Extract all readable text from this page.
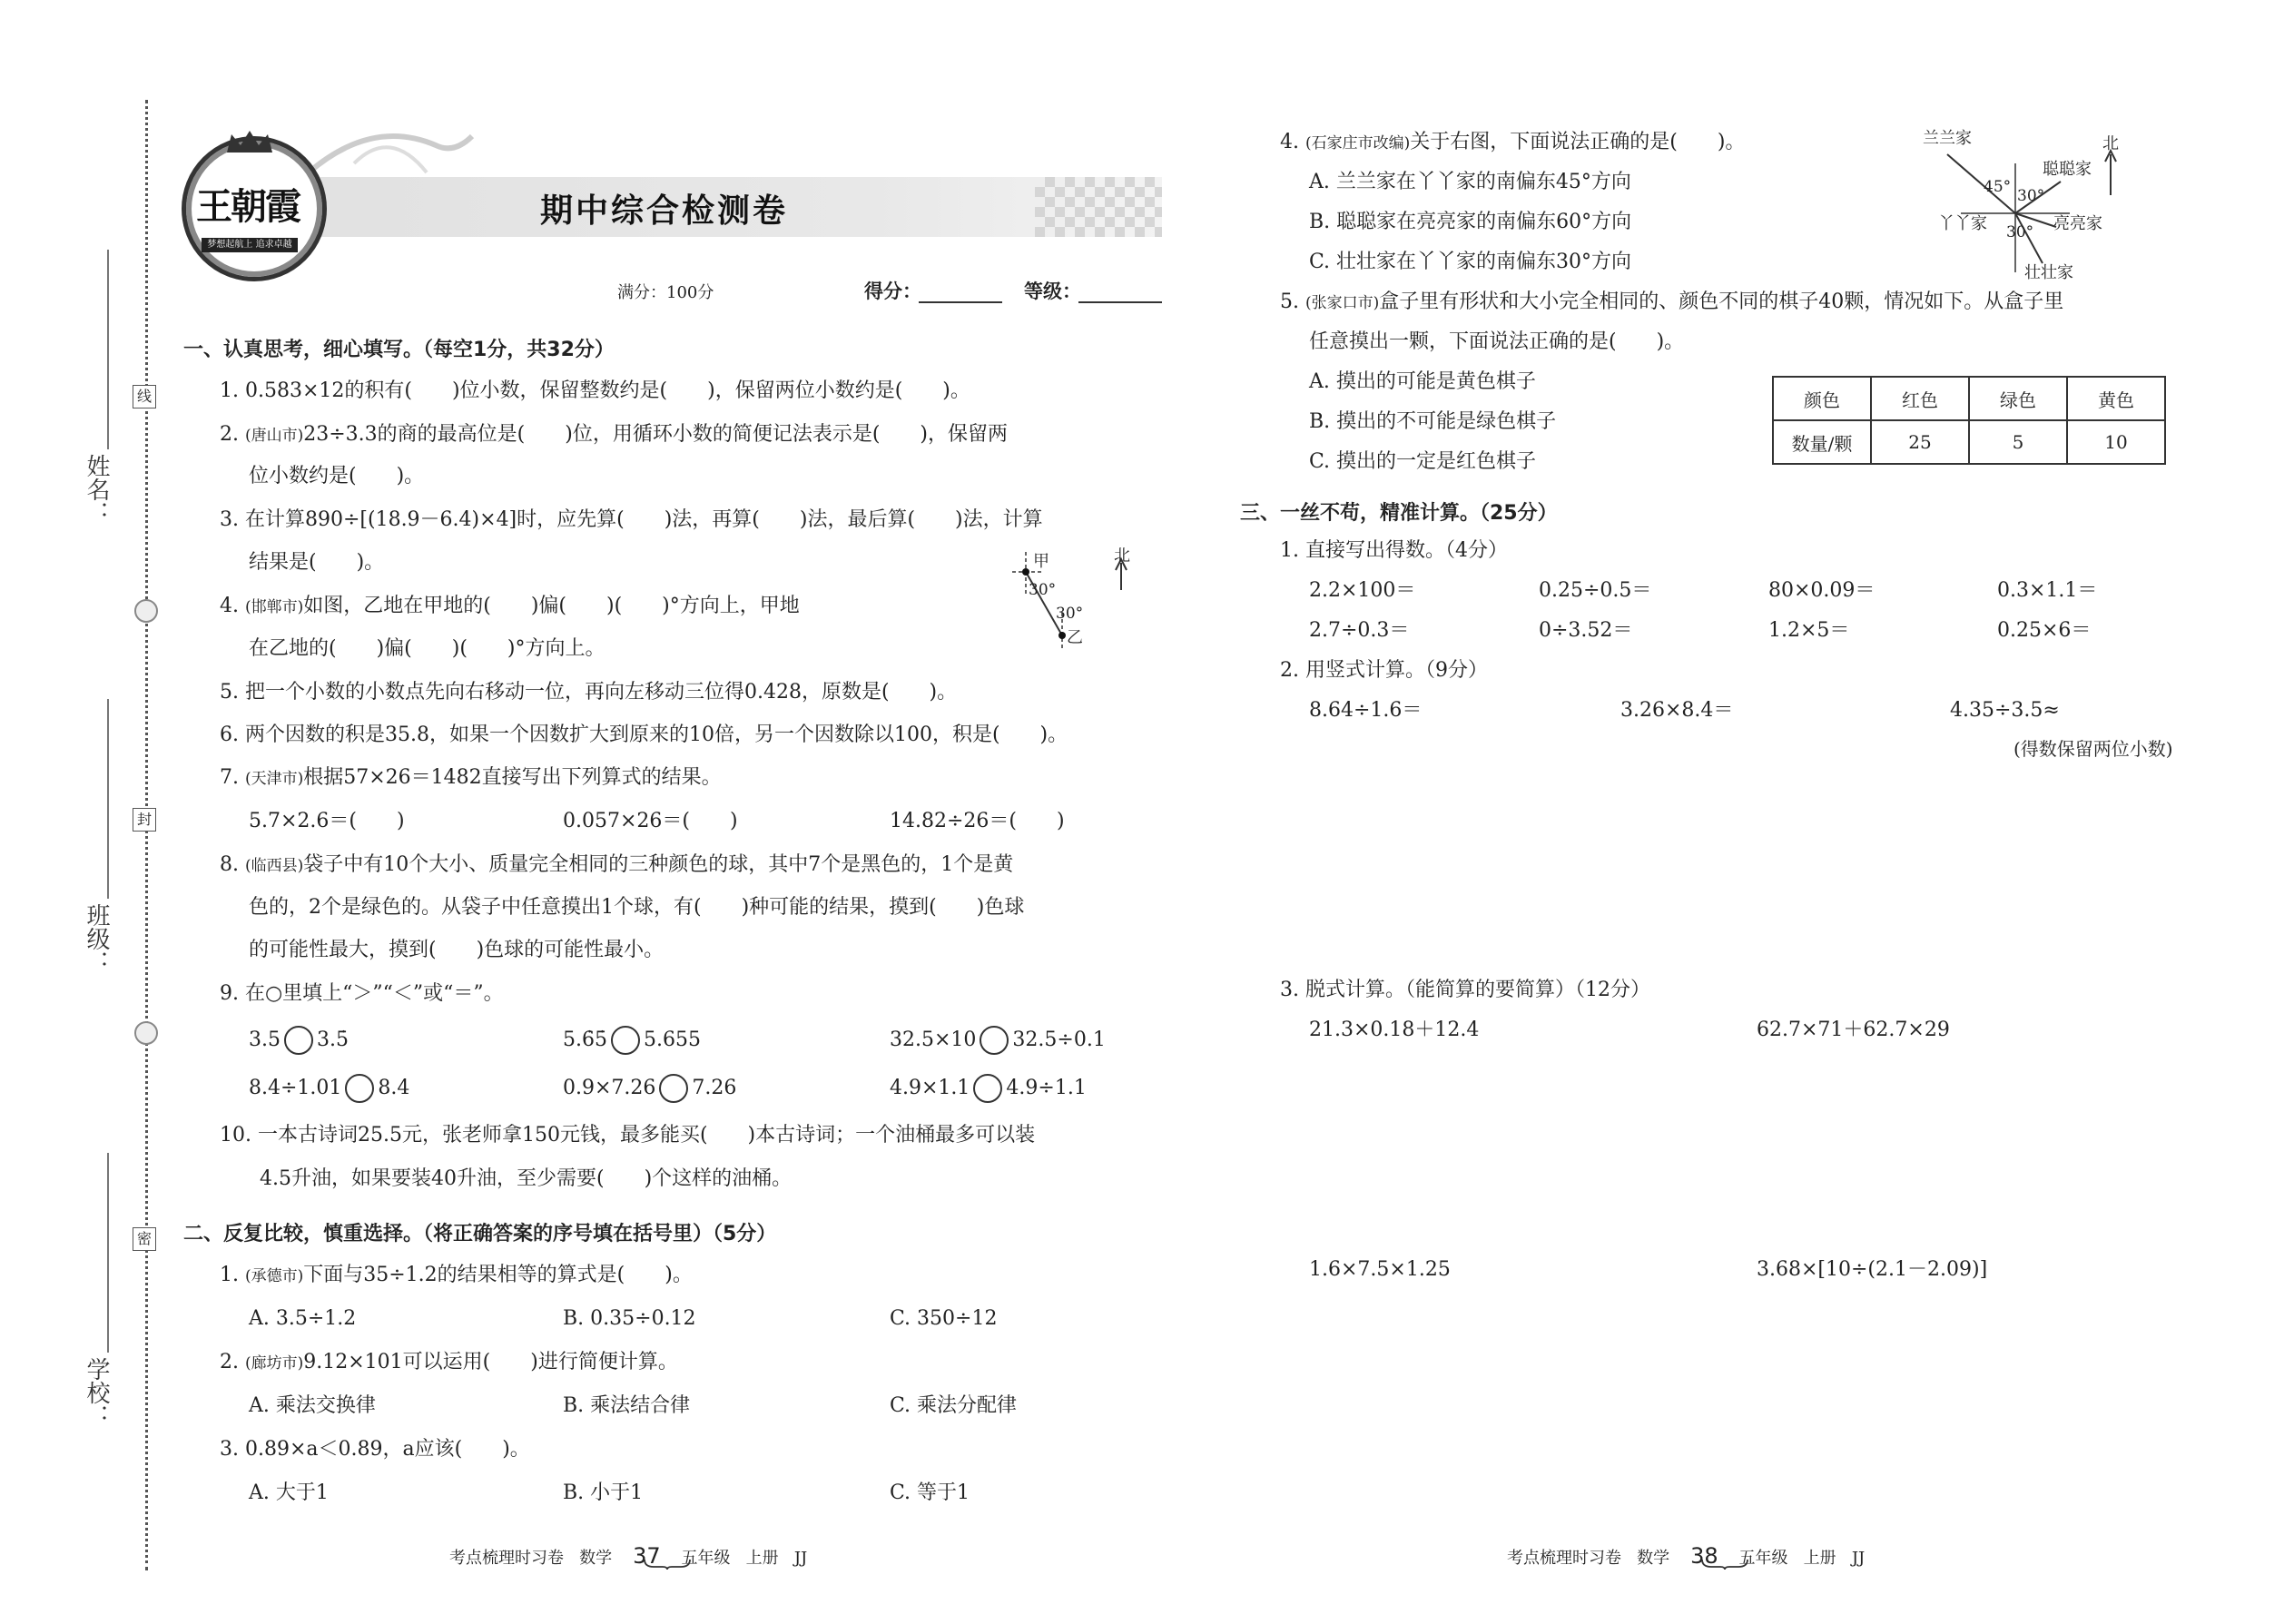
姓名：
班级：
学校：
线
封
密
王朝霞
梦想起航上 追求卓越
期中综合检测卷
满分：100分	得分：	等级：
一、认真思考，细心填写。（每空1分，共32分）
1. 0.583×12的积有(　　)位小数，保留整数约是(　　)，保留两位小数约是(　　)。
2. (唐山市)23÷3.3的商的最高位是(　　)位，用循环小数的简便记法表示是(　　)，保留两
位小数约是(　　)。
3. 在计算890÷[(18.9－6.4)×4]时，应先算(　　)法，再算(　　)法，最后算(　　)法，计算
结果是(　　)。
4. (邯郸市)如图，乙地在甲地的(　　)偏(　　)(　　)°方向上，甲地
在乙地的(　　)偏(　　)(　　)°方向上。
甲
乙
30°
30°
北
5. 把一个小数的小数点先向右移动一位，再向左移动三位得0.428，原数是(　　)。
6. 两个因数的积是35.8，如果一个因数扩大到原来的10倍，另一个因数除以100，积是(　　)。
7. (天津市)根据57×26＝1482直接写出下列算式的结果。
5.7×2.6＝(　　)	0.057×26＝(　　)	14.82÷26＝(　　)
8. (临西县)袋子中有10个大小、质量完全相同的三种颜色的球，其中7个是黑色的，1个是黄
色的，2个是绿色的。从袋子中任意摸出1个球，有(　　)种可能的结果，摸到(　　)色球
的可能性最大，摸到(　　)色球的可能性最小。
9. 在○里填上“＞”“＜”或“＝”。
3.5 3.5̇	5.6̇5̇ 5.655	32.5×10 32.5÷0.1
8.4÷1.01 8.4	0.9×7.26 7.26	4.9×1.1 4.9÷1.1
10. 一本古诗词25.5元，张老师拿150元钱，最多能买(　　)本古诗词；一个油桶最多可以装
4.5升油，如果要装40升油，至少需要(　　)个这样的油桶。
二、反复比较，慎重选择。（将正确答案的序号填在括号里）（5分）
1. (承德市)下面与35÷1.2的结果相等的算式是(　　)。
A. 3.5÷1.2	B. 0.35÷0.12	C. 350÷12
2. (廊坊市)9.12×101可以运用(　　)进行简便计算。
A. 乘法交换律	B. 乘法结合律	C. 乘法分配律
3. 0.89×a＜0.89，a应该(　　)。
A. 大于1	B. 小于1	C. 等于1
考点梳理时习卷 数学 37 五年级 上册 JJ
4. (石家庄市改编)关于右图，下面说法正确的是(　　)。
A. 兰兰家在丫丫家的南偏东45°方向
B. 聪聪家在亮亮家的南偏东60°方向
C. 壮壮家在丫丫家的南偏东30°方向
兰兰家
聪聪家
丫丫家	亮亮家
壮壮家
北
45° 30°
30°
5. (张家口市)盒子里有形状和大小完全相同的、颜色不同的棋子40颗，情况如下。从盒子里
任意摸出一颗，下面说法正确的是(　　)。
A. 摸出的可能是黄色棋子
B. 摸出的不可能是绿色棋子
C. 摸出的一定是红色棋子
颜色	红色	绿色	黄色
数量/颗	25	5	10
三、一丝不苟，精准计算。（25分）
1. 直接写出得数。（4分）
2.2×100＝	0.25÷0.5＝	80×0.09＝	0.3×1.1＝
2.7÷0.3＝	0÷3.52＝	1.2×5＝	0.25×6＝
2. 用竖式计算。（9分）
8.64÷1.6＝	3.26×8.4＝	4.35÷3.5≈
(得数保留两位小数)
3. 脱式计算。（能简算的要简算）（12分）
21.3×0.18＋12.4	62.7×71＋62.7×29
1.6×7.5×1.25	3.68×[10÷(2.1－2.09)]
考点梳理时习卷 数学 38 五年级 上册 JJ
